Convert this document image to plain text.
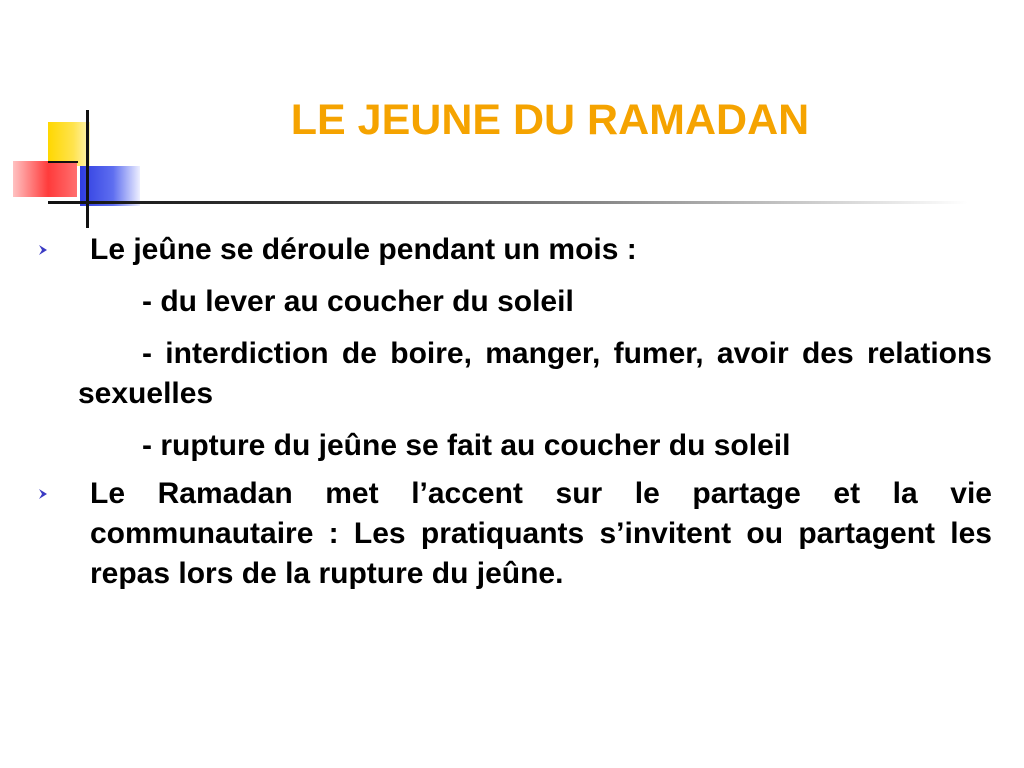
LE JEUNE DU RAMADAN
Le jeûne se déroule pendant un mois :
- du lever au coucher du soleil
- interdiction de boire, manger, fumer, avoir des relations sexuelles
- rupture du jeûne se fait au coucher du soleil
Le Ramadan met l’accent sur le partage et la vie communautaire : Les pratiquants s’invitent ou partagent les repas lors de la rupture du jeûne.
